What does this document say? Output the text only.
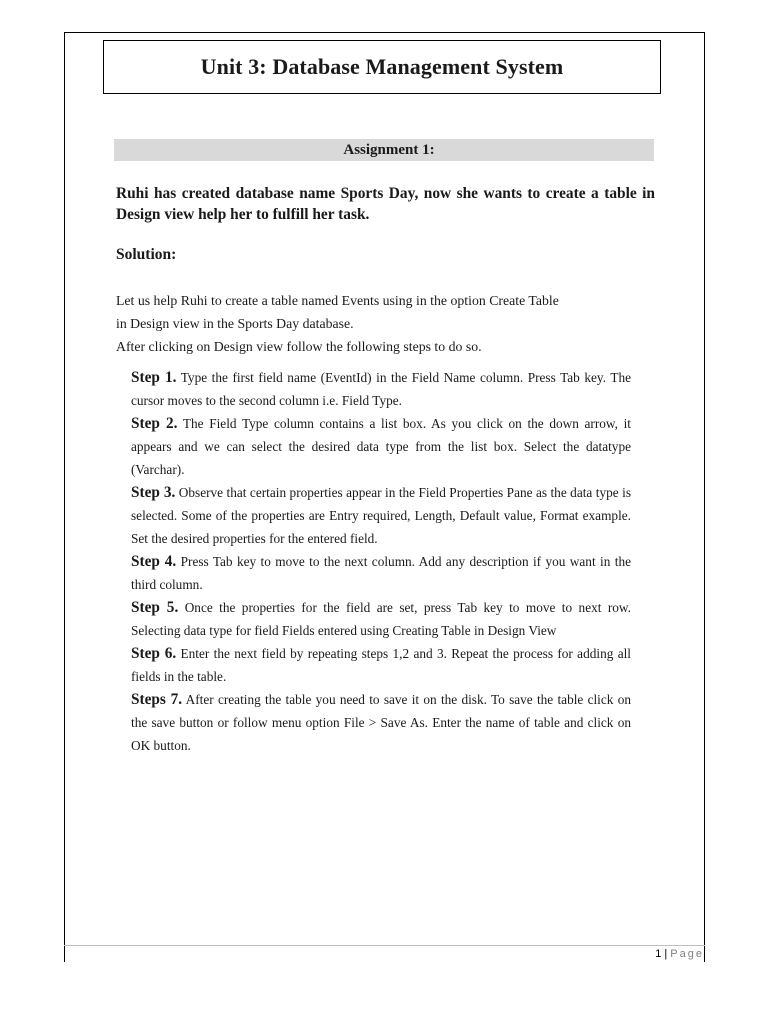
Unit 3: Database Management System
Assignment 1:
Ruhi has created database name Sports Day, now she wants to create a table in Design view help her to fulfill her task.
Solution:
Let us help Ruhi to create a table named Events using in the option Create Table
in Design view in the Sports Day database.
After clicking on Design view follow the following steps to do so.

Step 1. Type the first field name (EventId) in the Field Name column. Press Tab key. The cursor moves to the second column i.e. Field Type.

Step 2. The Field Type column contains a list box. As you click on the down arrow, it appears and we can select the desired data type from the list box. Select the datatype (Varchar).

Step 3. Observe that certain properties appear in the Field Properties Pane as the data type is selected. Some of the properties are Entry required, Length, Default value, Format example. Set the desired properties for the entered field.

Step 4. Press Tab key to move to the next column. Add any description if you want in the third column.

Step 5. Once the properties for the field are set, press Tab key to move to next row. Selecting data type for field Fields entered using Creating Table in Design View

Step 6. Enter the next field by repeating steps 1,2 and 3. Repeat the process for adding all fields in the table.

Steps 7. After creating the table you need to save it on the disk. To save the table click on the save button or follow menu option File > Save As. Enter the name of table and click on OK button.

1 | Page
